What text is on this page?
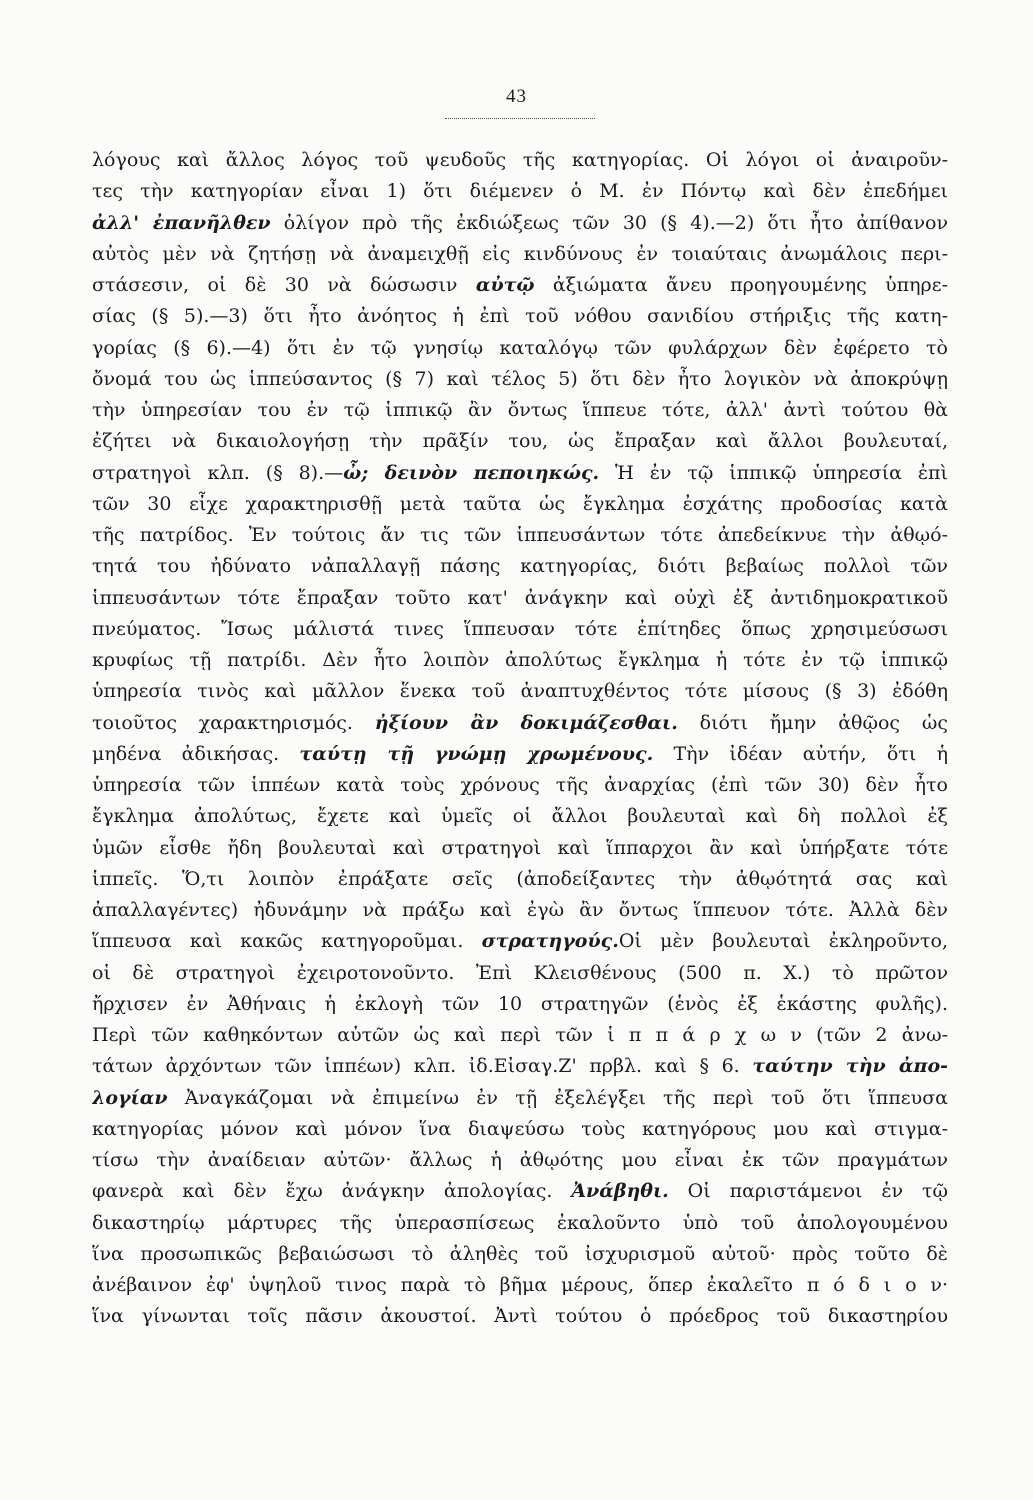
43
λόγους καὶ ἄλλος λόγος τοῦ ψευδοῦς τῆς κατηγορίας. Οἱ λόγοι οἱ ἀναιροῦν-
τες τὴν κατηγορίαν εἶναι 1) ὅτι διέμενεν ὁ Μ. ἐν Πόντῳ καὶ δὲν ἐπεδήμει
ἀλλ' ἐπανῆλθεν ὀλίγον πρὸ τῆς ἐκδιώξεως τῶν 30 (§ 4).—2) ὅτι ἦτο ἀπίθανον
αὐτὸς μὲν νὰ ζητήσῃ νὰ ἀναμειχθῇ εἰς κινδύνους ἐν τοιαύταις ἀνωμάλοις περι-
στάσεσιν, οἱ δὲ 30 νὰ δώσωσιν αὐτῷ ἀξιώματα ἄνευ προηγουμένης ὑπηρε-
σίας (§ 5).—3) ὅτι ἦτο ἀνόητος ἡ ἐπὶ τοῦ νόθου σανιδίου στήριξις τῆς κατη-
γορίας (§ 6).—4) ὅτι ἐν τῷ γνησίῳ καταλόγῳ τῶν φυλάρχων δὲν ἐφέρετο τὸ
ὄνομά του ὡς ἱππεύσαντος (§ 7) καὶ τέλος 5) ὅτι δὲν ἦτο λογικὸν νὰ ἀποκρύψῃ
τὴν ὑπηρεσίαν του ἐν τῷ ἱππικῷ ἂν ὄντως ἵππευε τότε, ἀλλ' ἀντὶ τούτου θὰ
ἐζήτει νὰ δικαιολογήσῃ τὴν πρᾶξίν του, ὡς ἔπραξαν καὶ ἄλλοι βουλευταί,
στρατηγοὶ κλπ. (§ 8).—ὦ; δεινὸν πεποιηκώς. Ἡ ἐν τῷ ἱππικῷ ὑπηρεσία ἐπὶ
τῶν 30 εἶχε χαρακτηρισθῇ μετὰ ταῦτα ὡς ἔγκλημα ἐσχάτης προδοσίας κατὰ
τῆς πατρίδος. Ἐν τούτοις ἄν τις τῶν ἱππευσάντων τότε ἀπεδείκνυε τὴν ἀθῳό-
τητά του ἠδύνατο νἀπαλλαγῇ πάσης κατηγορίας, διότι βεβαίως πολλοὶ τῶν
ἱππευσάντων τότε ἔπραξαν τοῦτο κατ' ἀνάγκην καὶ οὐχὶ ἐξ ἀντιδημοκρατικοῦ
πνεύματος. Ἴσως μάλιστά τινες ἵππευσαν τότε ἐπίτηδες ὅπως χρησιμεύσωσι
κρυφίως τῇ πατρίδι. Δὲν ἦτο λοιπὸν ἀπολύτως ἔγκλημα ἡ τότε ἐν τῷ ἱππικῷ
ὑπηρεσία τινὸς καὶ μᾶλλον ἕνεκα τοῦ ἀναπτυχθέντος τότε μίσους (§ 3) ἐδόθη
τοιοῦτος χαρακτηρισμός. ἠξίουν ἂν δοκιμάζεσθαι. διότι ἤμην ἀθῷος ὡς
μηδένα ἀδικήσας. ταύτῃ τῇ γνώμῃ χρωμένους. Τὴν ἰδέαν αὐτήν, ὅτι ἡ
ὑπηρεσία τῶν ἱππέων κατὰ τοὺς χρόνους τῆς ἀναρχίας (ἐπὶ τῶν 30) δὲν ἦτο
ἔγκλημα ἀπολύτως, ἔχετε καὶ ὑμεῖς οἱ ἄλλοι βουλευταὶ καὶ δὴ πολλοὶ ἐξ
ὑμῶν εἶσθε ἤδη βουλευταὶ καὶ στρατηγοὶ καὶ ἵππαρχοι ἂν καὶ ὑπήρξατε τότε
ἱππεῖς. Ὅ,τι λοιπὸν ἐπράξατε σεῖς (ἀποδείξαντες τὴν ἀθῳότητά σας καὶ
ἀπαλλαγέντες) ἠδυνάμην νὰ πράξω καὶ ἐγὼ ἂν ὄντως ἵππευον τότε. Ἀλλὰ δὲν
ἵππευσα καὶ κακῶς κατηγοροῦμαι. στρατηγούς.Οἱ μὲν βουλευταὶ ἐκληροῦντο,
οἱ δὲ στρατηγοὶ ἐχειροτονοῦντο. Ἐπὶ Κλεισθένους (500 π. Χ.) τὸ πρῶτον
ἤρχισεν ἐν Ἀθήναις ἡ ἐκλογὴ τῶν 10 στρατηγῶν (ἑνὸς ἐξ ἑκάστης φυλῆς).
Περὶ τῶν καθηκόντων αὐτῶν ὡς καὶ περὶ τῶν ἱ π π ά ρ χ ω ν (τῶν 2 ἀνω-
τάτων ἀρχόντων τῶν ἱππέων) κλπ. ἰδ.Εἰσαγ.Ζ' πρβλ. καὶ § 6. ταύτην τὴν ἀπο-
λογίαν Ἀναγκάζομαι νὰ ἐπιμείνω ἐν τῇ ἐξελέγξει τῆς περὶ τοῦ ὅτι ἵππευσα
κατηγορίας μόνον καὶ μόνον ἵνα διαψεύσω τοὺς κατηγόρους μου καὶ στιγμα-
τίσω τὴν ἀναίδειαν αὐτῶν· ἄλλως ἡ ἀθῳότης μου εἶναι ἐκ τῶν πραγμάτων
φανερὰ καὶ δὲν ἔχω ἀνάγκην ἀπολογίας. Ἀνάβηθι. Οἱ παριστάμενοι ἐν τῷ
δικαστηρίῳ μάρτυρες τῆς ὑπερασπίσεως ἐκαλοῦντο ὑπὸ τοῦ ἀπολογουμένου
ἵνα προσωπικῶς βεβαιώσωσι τὸ ἀληθὲς τοῦ ἰσχυρισμοῦ αὐτοῦ· πρὸς τοῦτο δὲ
ἀνέβαινον ἐφ' ὑψηλοῦ τινος παρὰ τὸ βῆμα μέρους, ὅπερ ἐκαλεῖτο π ό δ ι ο ν·
ἵνα γίνωνται τοῖς πᾶσιν ἀκουστοί. Ἀντὶ τούτου ὁ πρόεδρος τοῦ δικαστηρίου
